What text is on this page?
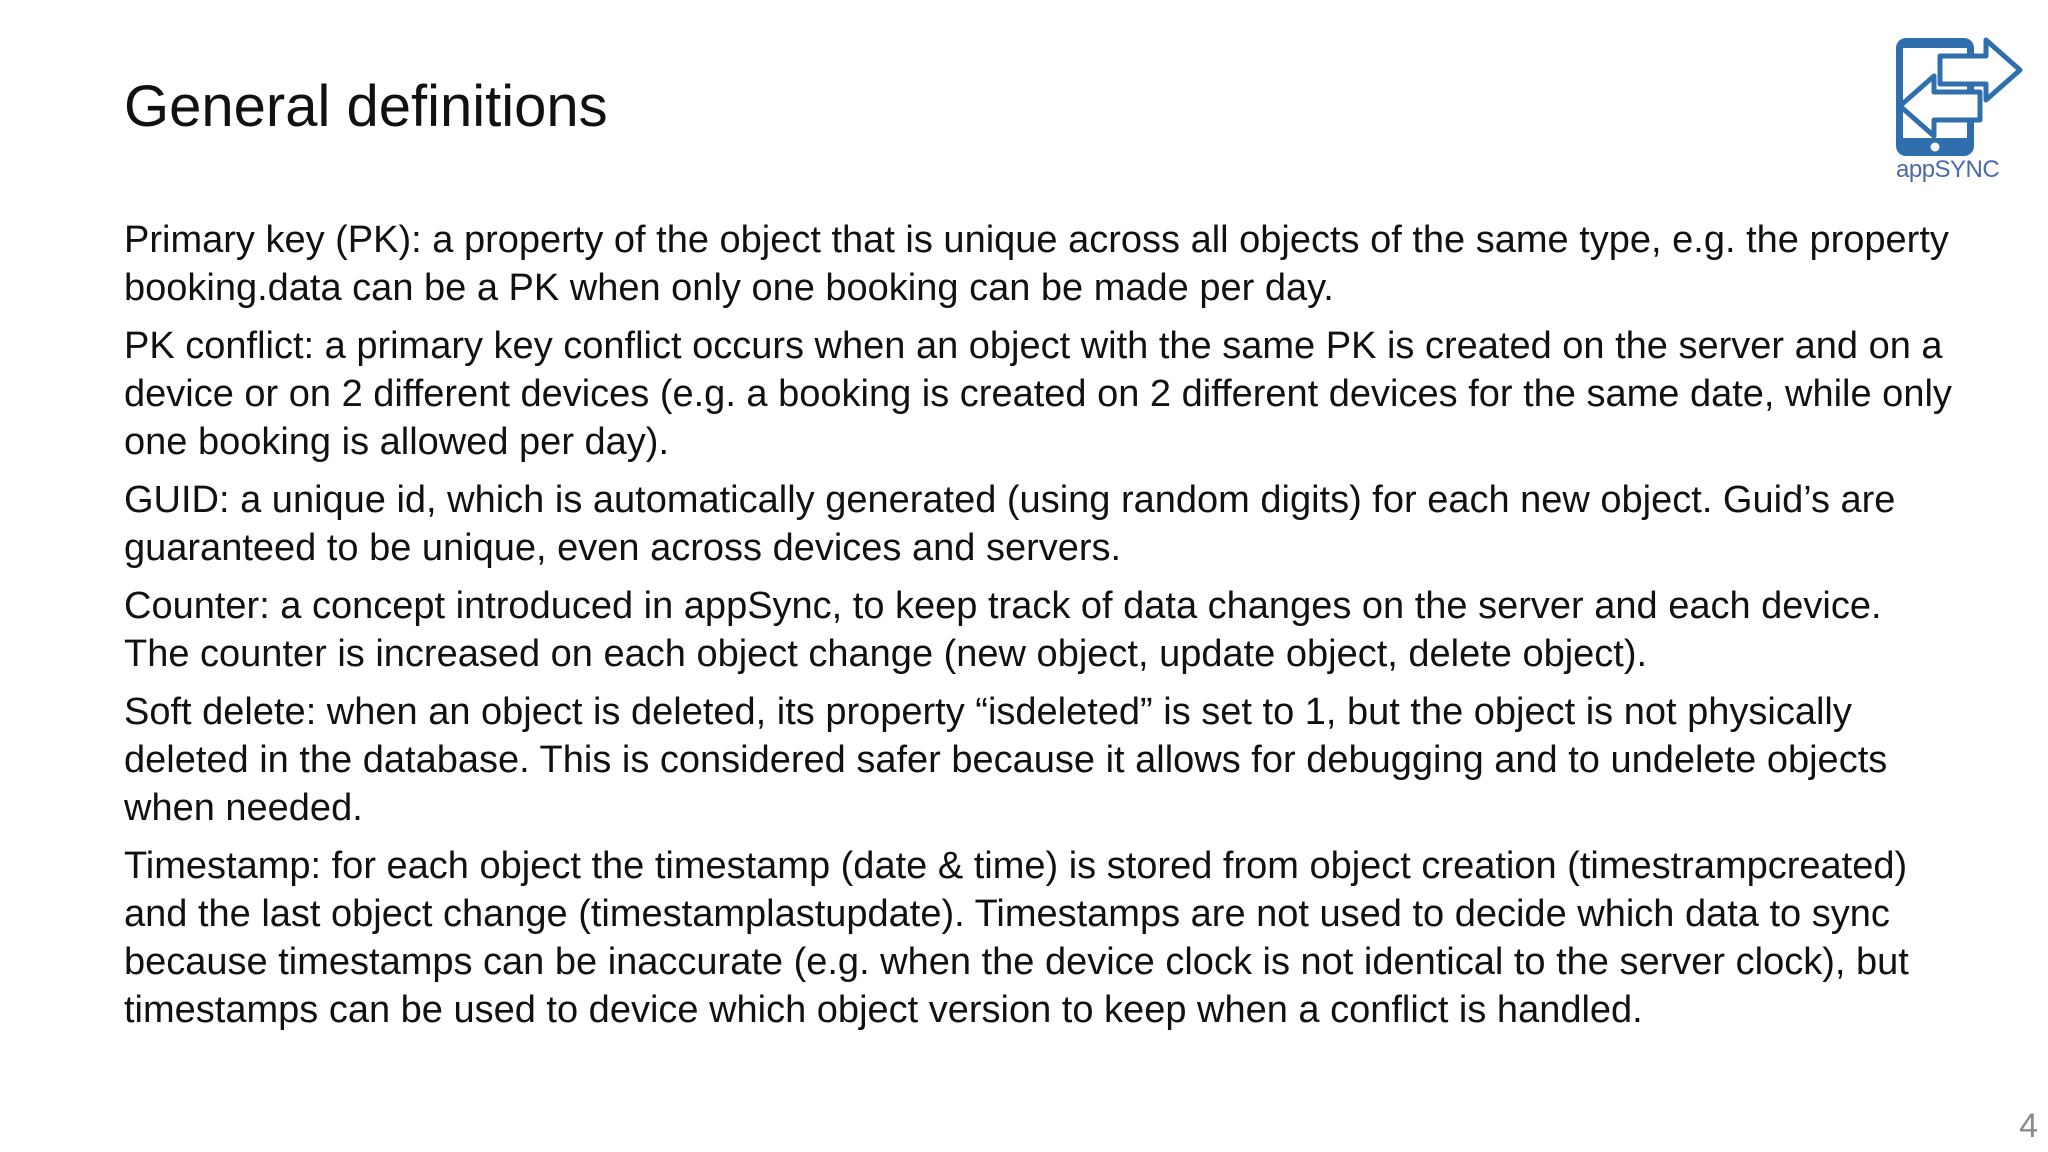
General definitions
appSYNC

Primary key (PK): a property of the object that is unique across all objects of the same type, e.g. the property booking.data can be a PK when only one booking can be made per day.

PK conflict: a primary key conflict occurs when an object with the same PK is created on the server and on a device or on 2 different devices (e.g. a booking is created on 2 different devices for the same date, while only one booking is allowed per day).

GUID: a unique id, which is automatically generated (using random digits) for each new object. Guid’s are guaranteed to be unique, even across devices and servers.

Counter: a concept introduced in appSync, to keep track of data changes on the server and each device. The counter is increased on each object change (new object, update object, delete object).

Soft delete: when an object is deleted, its property “isdeleted” is set to 1, but the object is not physically deleted in the database. This is considered safer because it allows for debugging and to undelete objects when needed.

Timestamp: for each object the timestamp (date & time) is stored from object creation (timestrampcreated) and the last object change (timestamplastupdate). Timestamps are not used to decide which data to sync because timestamps can be inaccurate (e.g. when the device clock is not identical to the server clock), but timestamps can be used to device which object version to keep when a conflict is handled.

4
